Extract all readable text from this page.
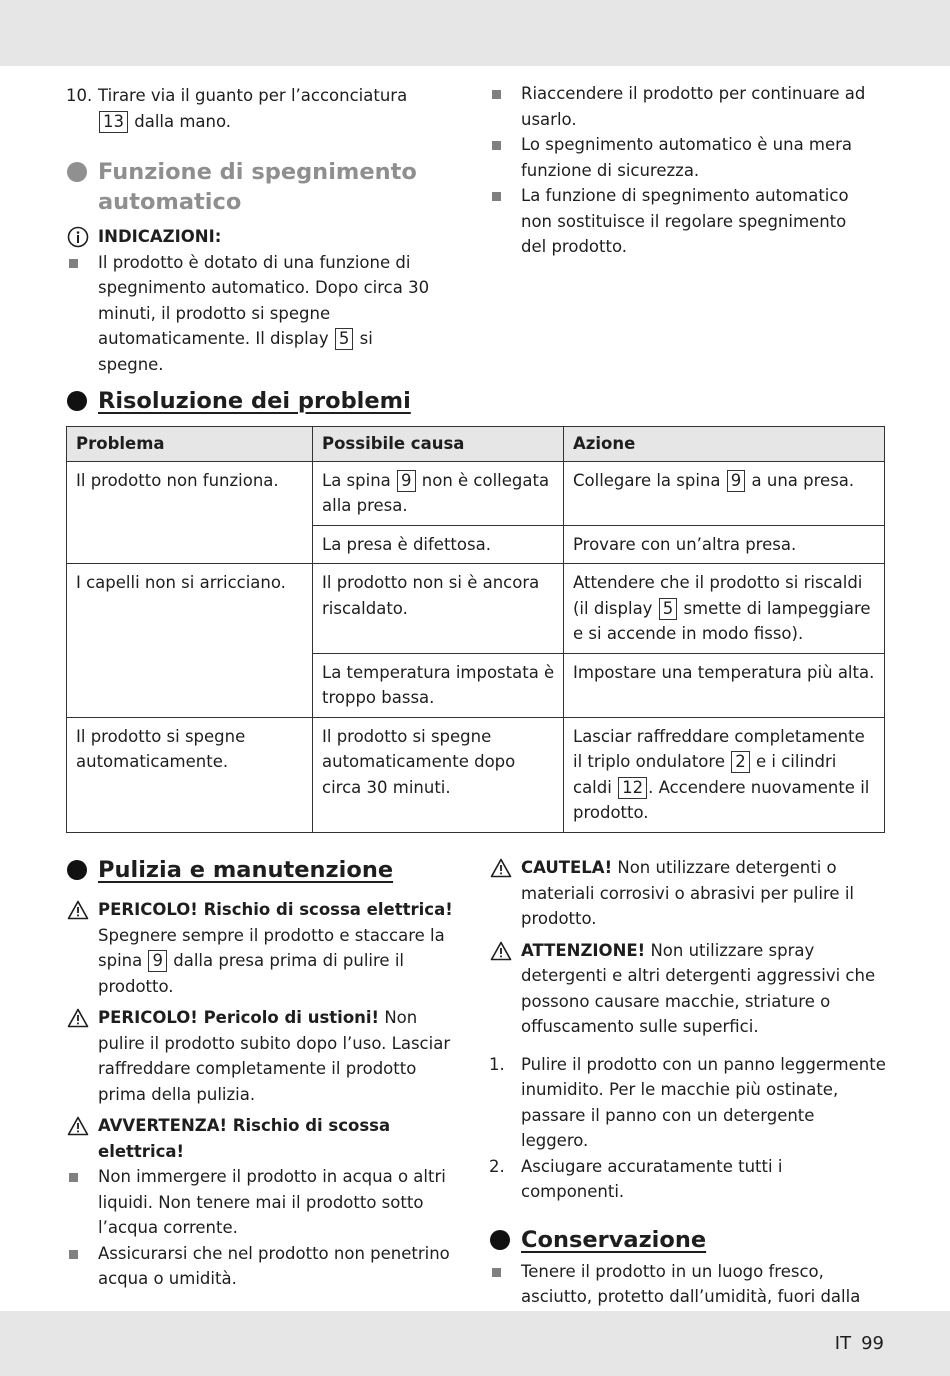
10. Tirare via il guanto per l’acconciatura 13 dalla mano.

Funzione di spegnimento automatico

INDICAZIONI:

Il prodotto è dotato di una funzione di spegnimento automatico. Dopo circa 30 minuti, il prodotto si spegne automaticamente. Il display 5 si spegne.

Riaccendere il prodotto per continuare ad usarlo.

Lo spegnimento automatico è una mera funzione di sicurezza.

La funzione di spegnimento automatico non sostituisce il regolare spegnimento del prodotto.

Risoluzione dei problemi
Problema	Possibile causa	Azione
Il prodotto non funziona.	La spina 9 non è collegata alla presa.	Collegare la spina 9 a una presa.
	La presa è difettosa.	Provare con un’altra presa.
I capelli non si arricciano.	Il prodotto non si è ancora riscaldato.	Attendere che il prodotto si riscaldi (il display 5 smette di lampeggiare e si accende in modo fisso).
	La temperatura impostata è troppo bassa.	Impostare una temperatura più alta.
Il prodotto si spegne automaticamente.	Il prodotto si spegne automaticamente dopo circa 30 minuti.	Lasciar raffreddare completamente il triplo ondulatore 2 e i cilindri caldi 12 . Accendere nuovamente il prodotto.
Pulizia e manutenzione

PERICOLO! Rischio di scossa elettrica!
Spegnere sempre il prodotto e staccare la spina 9 dalla presa prima di pulire il prodotto.

PERICOLO! Pericolo di ustioni! Non pulire il prodotto subito dopo l’uso. Lasciar raffreddare completamente il prodotto prima della pulizia.

AVVERTENZA! Rischio di scossa elettrica!

Non immergere il prodotto in acqua o altri liquidi. Non tenere mai il prodotto sotto l’acqua corrente.

Assicurarsi che nel prodotto non penetrino acqua o umidità.

CAUTELA! Non utilizzare detergenti o materiali corrosivi o abrasivi per pulire il prodotto.

ATTENZIONE! Non utilizzare spray detergenti e altri detergenti aggressivi che possono causare macchie, striature o offuscamento sulle superfici.

1. Pulire il prodotto con un panno leggermente inumidito. Per le macchie più ostinate, passare il panno con un detergente leggero.

2. Asciugare accuratamente tutti i componenti.

Conservazione

Tenere il prodotto in un luogo fresco, asciutto, protetto dall’umidità, fuori dalla

IT 99
